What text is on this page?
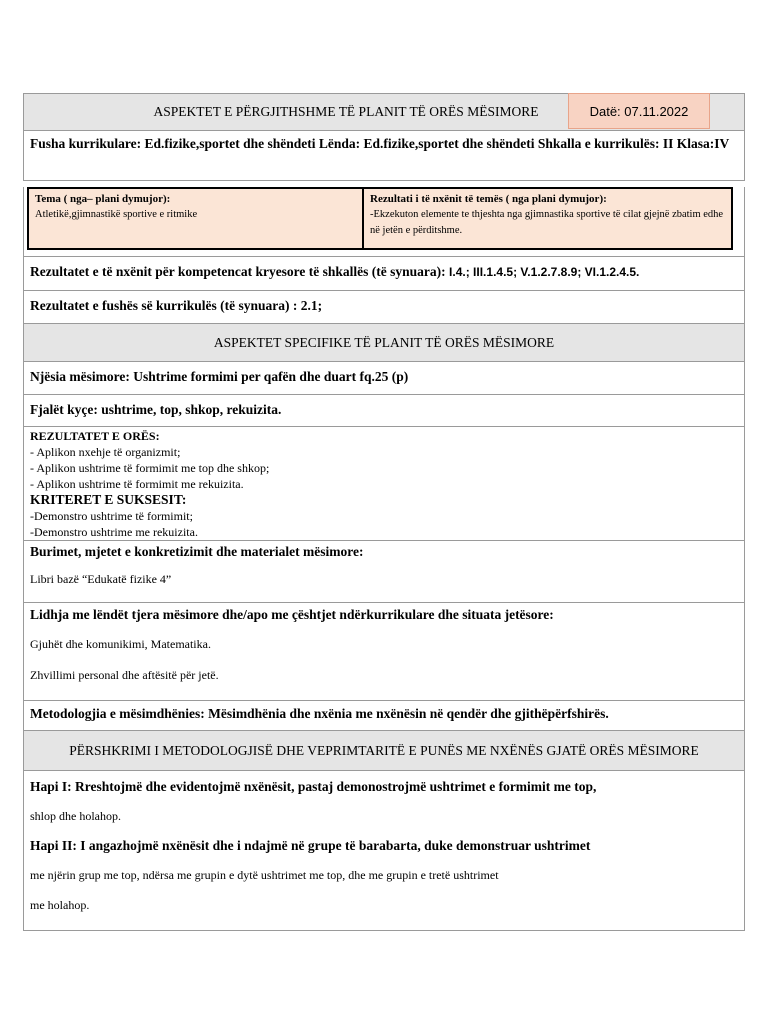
ASPEKTET E PËRGJITHSHME TË PLANIT TË ORËS MËSIMORE
Fusha kurrikulare: Ed.fizike,sportet dhe shëndeti Lënda: Ed.fizike,sportet dhe shëndeti Shkalla e kurrikulës: II Klasa:IV

Tema ( nga– plani dymujor):

Atletikë,gjimnastikë sportive e ritmike

Rezultati i të nxënit të temës ( nga plani dymujor):

-Ekzekuton elemente te thjeshta nga gjimnastika sportive të cilat gjejnë zbatim edhe në jetën e përditshme.

Rezultatet e të nxënit për kompetencat kryesore të shkallës (të synuara): I.4.; III.1.4.5; V.1.2.7.8.9; VI.1.2.4.5.
Rezultatet e fushës së kurrikulës (të synuara) : 2.1;
ASPEKTET SPECIFIKE TË PLANIT TË ORËS MËSIMORE
Njësia mësimore: Ushtrime formimi per qafën dhe duart fq.25 (p)
Fjalët kyçe: ushtrime, top, shkop, rekuizita.

REZULTATET E ORËS:

- Aplikon nxehje të organizmit;

- Aplikon ushtrime të formimit me top dhe shkop;

- Aplikon ushtrime të formimit me rekuizita.

KRITERET E SUKSESIT:

-Demonstro ushtrime të formimit;

-Demonstro ushtrime me rekuizita.

Burimet, mjetet e konkretizimit dhe materialet mësimore:

Libri bazë “Edukatë fizike 4”

Lidhja me lëndët tjera mësimore dhe/apo me çështjet ndërkurrikulare dhe situata jetësore:

Gjuhët dhe komunikimi, Matematika.

Zhvillimi personal dhe aftësitë për jetë.

Metodologjia e mësimdhënies: Mësimdhënia dhe nxënia me nxënësin në qendër dhe gjithëpërfshirës.
PËRSHKRIMI I METODOLOGJISË DHE VEPRIMTARITË E PUNËS ME NXËNËS GJATË ORËS MËSIMORE

Hapi I: Rreshtojmë dhe evidentojmë nxënësit, pastaj demonostrojmë ushtrimet e formimit me top,

shlop dhe holahop.

Hapi II: I angazhojmë nxënësit dhe i ndajmë në grupe të barabarta, duke demonstruar ushtrimet

me njërin grup me top, ndërsa me grupin e dytë ushtrimet me top, dhe me grupin e tretë ushtrimet

me holahop.

Datë: 07.11.2022
